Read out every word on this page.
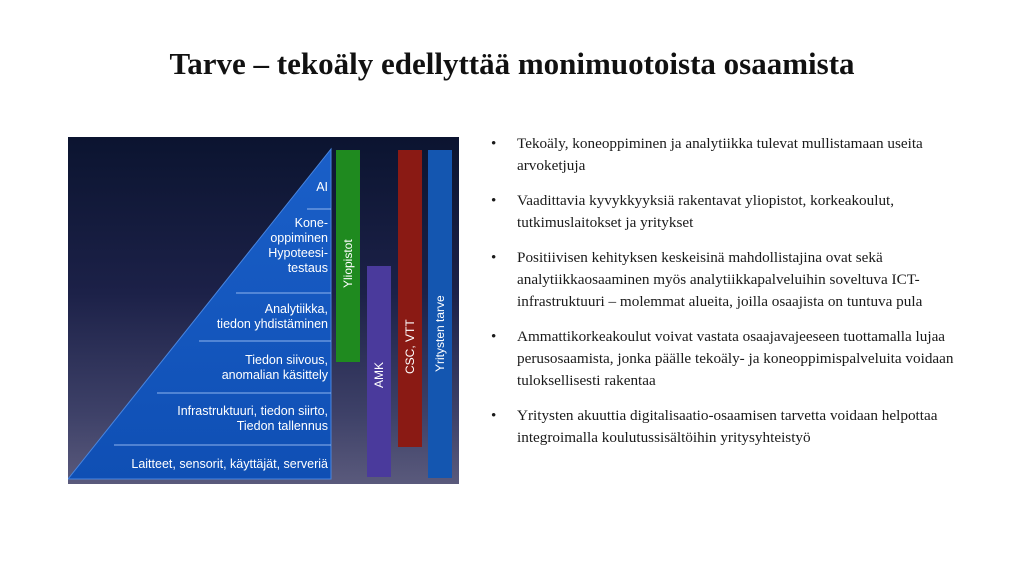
Tarve – tekoäly edellyttää monimuotoista osaamista
AI
Kone-
oppiminen
Hypoteesi-
testaus
Analytiikka,
tiedon yhdistäminen
Tiedon siivous,
anomalian käsittely
Infrastruktuuri, tiedon siirto,
Tiedon tallennus
Laitteet, sensorit, käyttäjät, serveriä
Yliopistot
AMK
CSC, VTT Yritysten tarve
• Tekoäly, koneoppiminen ja analytiikka tulevat mullistamaan useita arvoketjuja
• Vaadittavia kyvykkyyksiä rakentavat yliopistot, korkeakoulut, tutkimuslaitokset ja yritykset
• Positiivisen kehityksen keskeisinä mahdollistajina ovat sekä analytiikkaosaaminen myös analytiikkapalveluihin soveltuva ICT-infrastruktuuri – molemmat alueita, joilla osaajista on tuntuva pula
• Ammattikorkeakoulut voivat vastata osaajavajeeseen tuottamalla lujaa perusosaamista, jonka päälle tekoäly- ja koneoppimispalveluita voidaan tuloksellisesti rakentaa
• Yritysten akuuttia digitalisaatio-osaamisen tarvetta voidaan helpottaa integroimalla koulutussisältöihin yritysyhteistyö
